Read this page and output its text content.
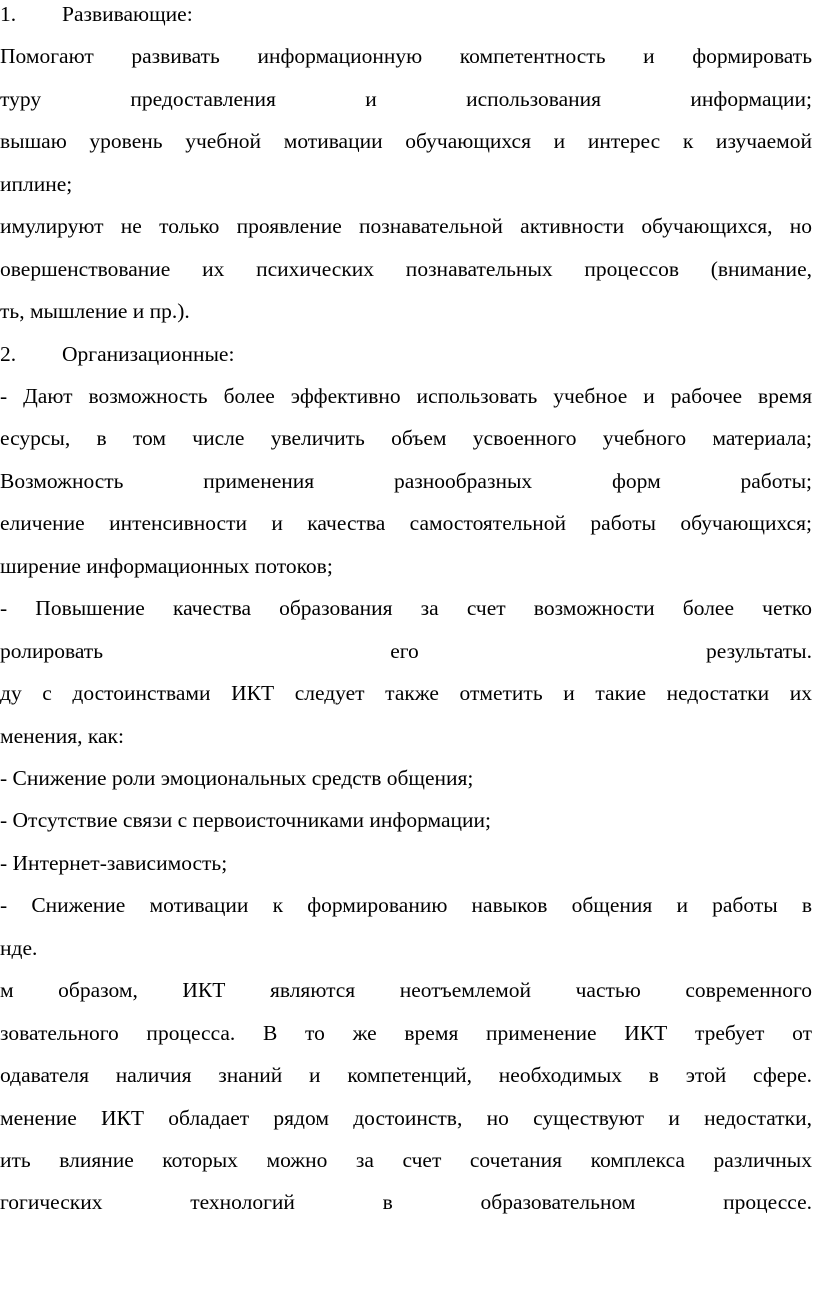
1. Развивающие:
Помогают развивать информационную компетентность и формировать
туру предоставления и использования информации;
вышаю уровень учебной мотивации обучающихся и интерес к изучаемой
иплине;
имулируют не только проявление познавательной активности обучающихся, но
овершенствование их психических познавательных процессов (внимание,
ть, мышление и пр.).
2. Организационные:
- Дают возможность более эффективно использовать учебное и рабочее время
есурсы, в том числе увеличить объем усвоенного учебного материала;
Возможность применения разнообразных форм работы;
еличение интенсивности и качества самостоятельной работы обучающихся;
ширение информационных потоков;
- Повышение качества образования за счет возможности более четко
ролировать его результаты.
ду с достоинствами ИКТ следует также отметить и такие недостатки их
менения, как:
- Снижение роли эмоциональных средств общения;
- Отсутствие связи с первоисточниками информации;
- Интернет-зависимость;
- Снижение мотивации к формированию навыков общения и работы в
нде.
м образом, ИКТ являются неотъемлемой частью современного
зовательного процесса. В то же время применение ИКТ требует от
одавателя наличия знаний и компетенций, необходимых в этой сфере.
менение ИКТ обладает рядом достоинств, но существуют и недостатки,
ить влияние которых можно за счет сочетания комплекса различных
гогических технологий в образовательном процессе.
